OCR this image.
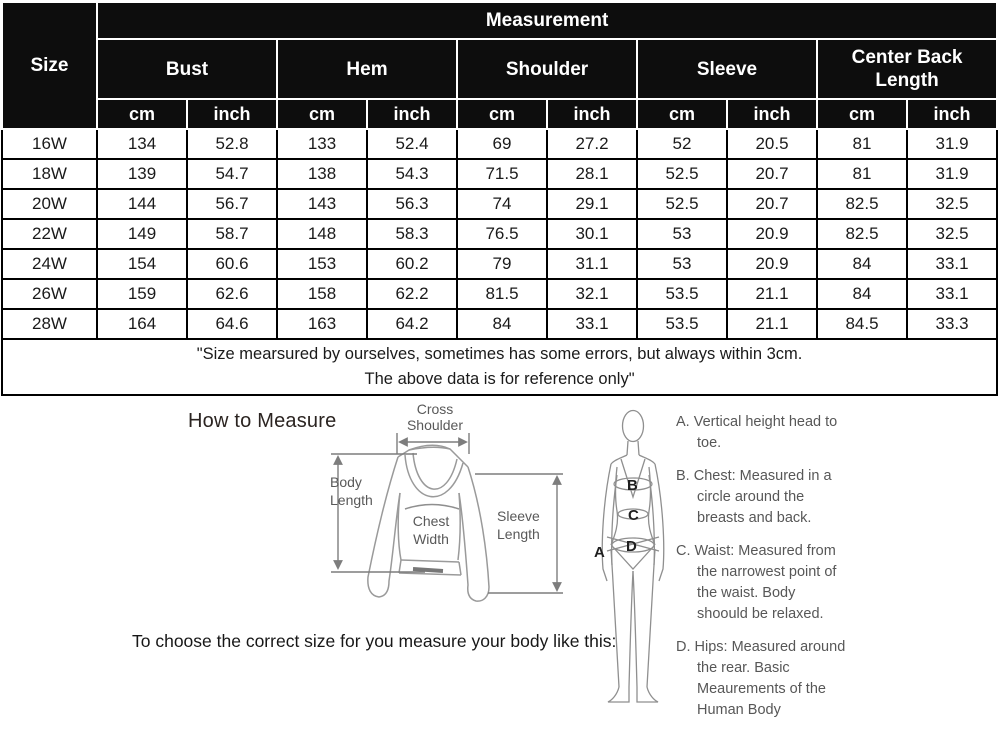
Size	Measurement									
	Bust		Hem		Shoulder		Sleeve		Center Back Length	
	cm	inch	cm	inch	cm	inch	cm	inch	cm	inch
16W	134	52.8	133	52.4	69	27.2	52	20.5	81	31.9
18W	139	54.7	138	54.3	71.5	28.1	52.5	20.7	81	31.9
20W	144	56.7	143	56.3	74	29.1	52.5	20.7	82.5	32.5
22W	149	58.7	148	58.3	76.5	30.1	53	20.9	82.5	32.5
24W	154	60.6	153	60.2	79	31.1	53	20.9	84	33.1
26W	159	62.6	158	62.2	81.5	32.1	53.5	21.1	84	33.1
28W	164	64.6	163	64.2	84	33.1	53.5	21.1	84.5	33.3

"Size mearsured by ourselves, sometimes has some errors, but always within 3cm.
The above data is for reference only"										
How to Measure
Cross
Shoulder
Body
Length
Chest
Width
Sleeve
Length
A
B
C
D
A. Vertical height head to toe.
B. Chest: Measured in a circle around the breasts and back.
C. Waist: Measured from the narrowest point of the waist. Body shoould be relaxed.
D. Hips: Measured around the rear. Basic Meaurements of the Human Body
To choose the correct size for you measure your body like this:
